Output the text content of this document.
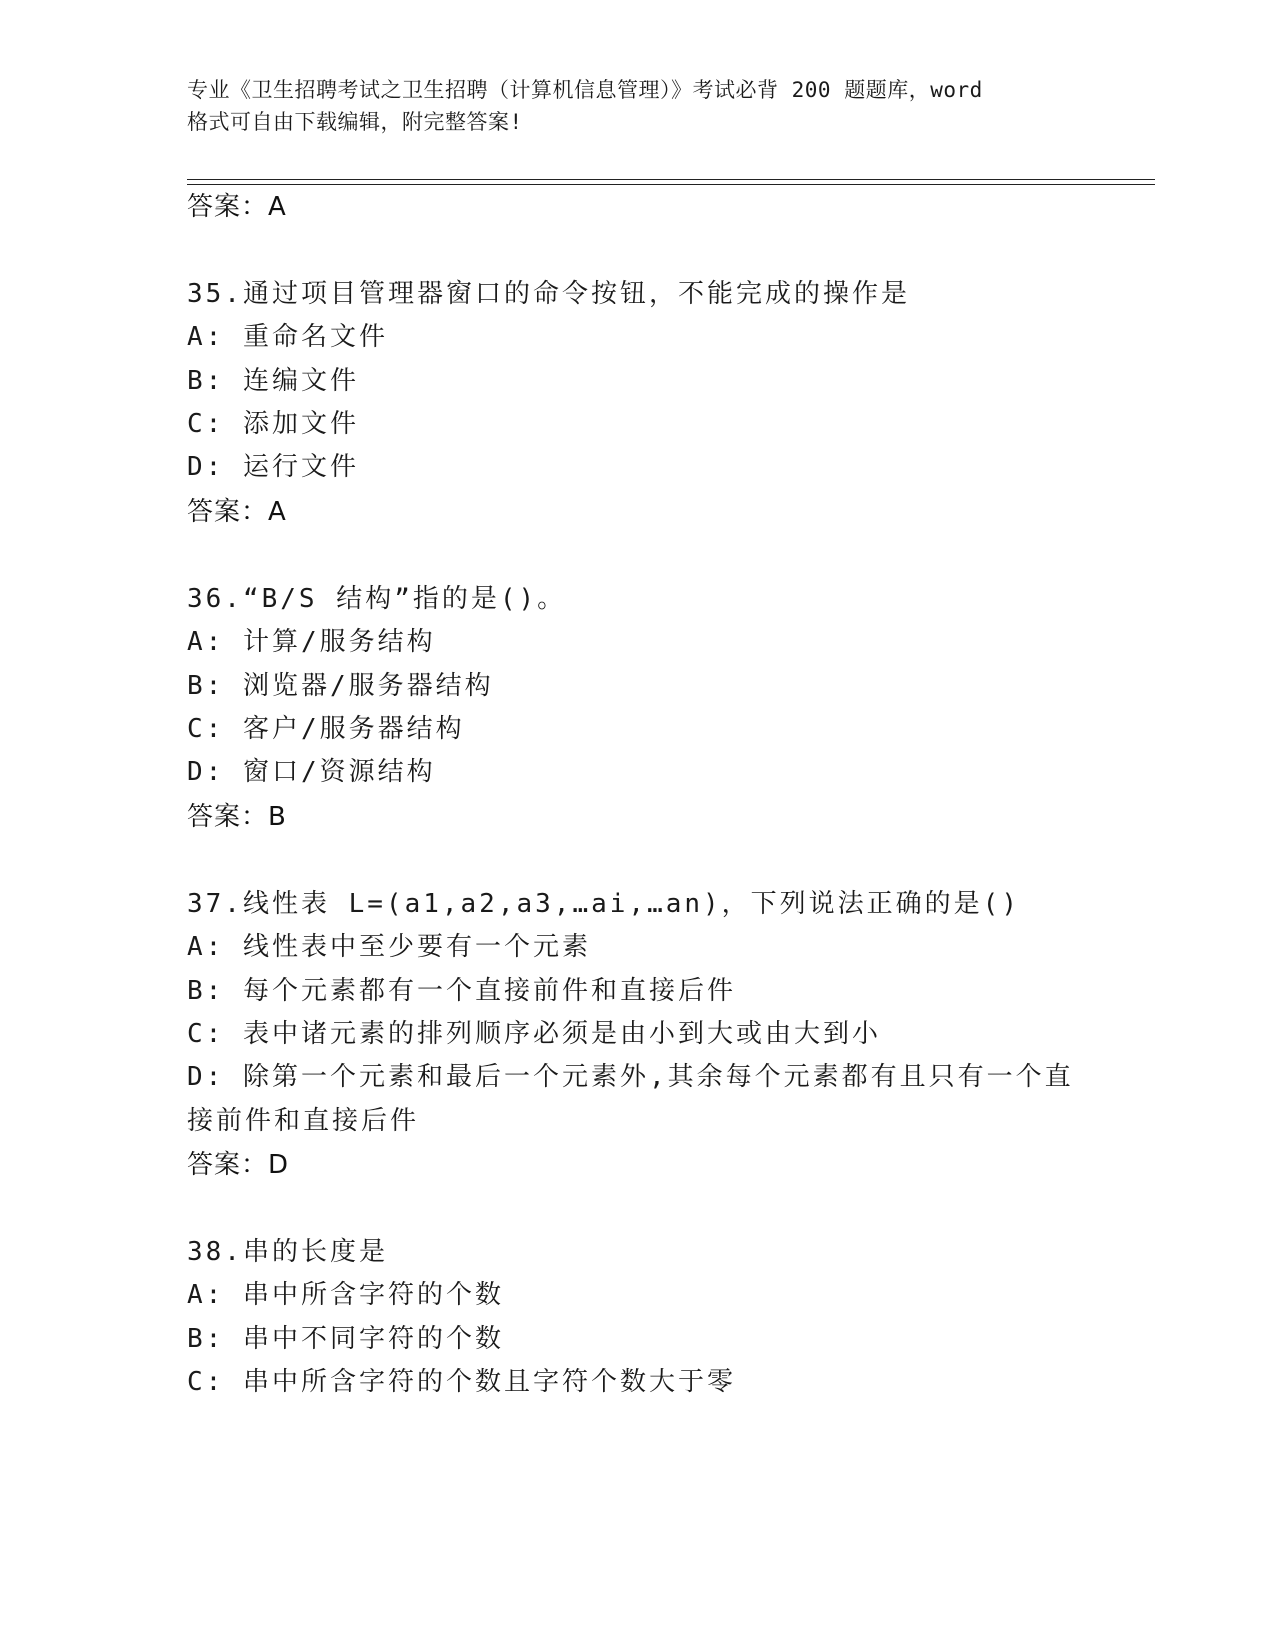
专业《卫生招聘考试之卫生招聘（计算机信息管理）》考试必背 200 题题库，word
格式可自由下载编辑，附完整答案!
答案：A
35.通过项目管理器窗口的命令按钮，不能完成的操作是
A: 重命名文件
B: 连编文件
C: 添加文件
D: 运行文件
答案：A
36.“B/S 结构”指的是()。
A: 计算/服务结构
B: 浏览器/服务器结构
C: 客户/服务器结构
D: 窗口/资源结构
答案：B
37.线性表 L=(a1,a2,a3,…ai,…an)，下列说法正确的是()
A: 线性表中至少要有一个元素
B: 每个元素都有一个直接前件和直接后件
C: 表中诸元素的排列顺序必须是由小到大或由大到小
D: 除第一个元素和最后一个元素外,其余每个元素都有且只有一个直
接前件和直接后件
答案：D
38.串的长度是
A: 串中所含字符的个数
B: 串中不同字符的个数
C: 串中所含字符的个数且字符个数大于零
